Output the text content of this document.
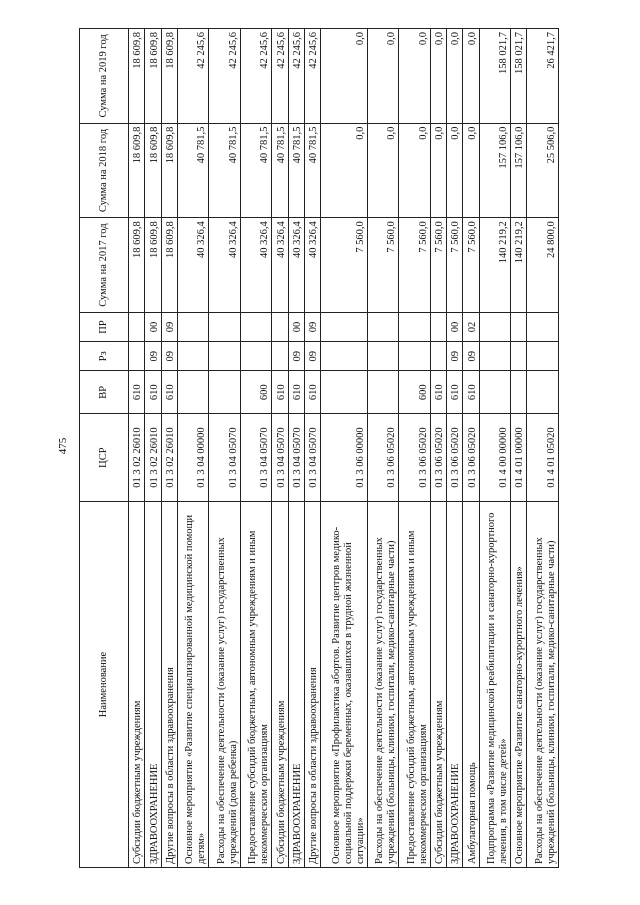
475
Наименование	ЦСР	ВР	Рз	ПР	Сумма на 2017 год	Сумма на 2018 год	Сумма на 2019 год
Субсидии бюджетным учреждениям	01 3 02 26010	610			18 609,8	18 609,8	18 609,8
ЗДРАВООХРАНЕНИЕ	01 3 02 26010	610	09	00	18 609,8	18 609,8	18 609,8
Другие вопросы в области здравоохранения	01 3 02 26010	610	09	09	18 609,8	18 609,8	18 609,8
Основное мероприятие «Развитие специализированной медицинской помощи детям»	01 3 04 00000				40 326,4	40 781,5	42 245,6
Расходы на обеспечение деятельности (оказание услуг) государственных учреждений (дома ребенка)	01 3 04 05070				40 326,4	40 781,5	42 245,6
Предоставление субсидий бюджетным, автономным учреждениям и иным некоммерческим организациям	01 3 04 05070	600			40 326,4	40 781,5	42 245,6
Субсидии бюджетным учреждениям	01 3 04 05070	610			40 326,4	40 781,5	42 245,6
ЗДРАВООХРАНЕНИЕ	01 3 04 05070	610	09	00	40 326,4	40 781,5	42 245,6
Другие вопросы в области здравоохранения	01 3 04 05070	610	09	09	40 326,4	40 781,5	42 245,6
Основное мероприятие «Профилактика абортов. Развитие центров медико-социальной поддержки беременных, оказавшихся в трудной жизненной ситуации»	01 3 06 00000				7 560,0	0,0	0,0
Расходы на обеспечение деятельности (оказание услуг) государственных учреждений (больницы, клиники, госпитали, медико-санитарные части)	01 3 06 05020				7 560,0	0,0	0,0
Предоставление субсидий бюджетным, автономным учреждениям и иным некоммерческим организациям	01 3 06 05020	600			7 560,0	0,0	0,0
Субсидии бюджетным учреждениям	01 3 06 05020	610			7 560,0	0,0	0,0
ЗДРАВООХРАНЕНИЕ	01 3 06 05020	610	09	00	7 560,0	0,0	0,0
Амбулаторная помощь	01 3 06 05020	610	09	02	7 560,0	0,0	0,0
Подпрограмма «Развитие медицинской реабилитации и санаторно-курортного лечения, в том числе детей»	01 4 00 00000				140 219,2	157 106,0	158 021,7
Основное мероприятие «Развитие санаторно-курортного лечения»	01 4 01 00000				140 219,2	157 106,0	158 021,7
Расходы на обеспечение деятельности (оказание услуг) государственных учреждений (больницы, клиники, госпитали, медико-санитарные части)	01 4 01 05020				24 800,0	25 506,0	26 421,7
